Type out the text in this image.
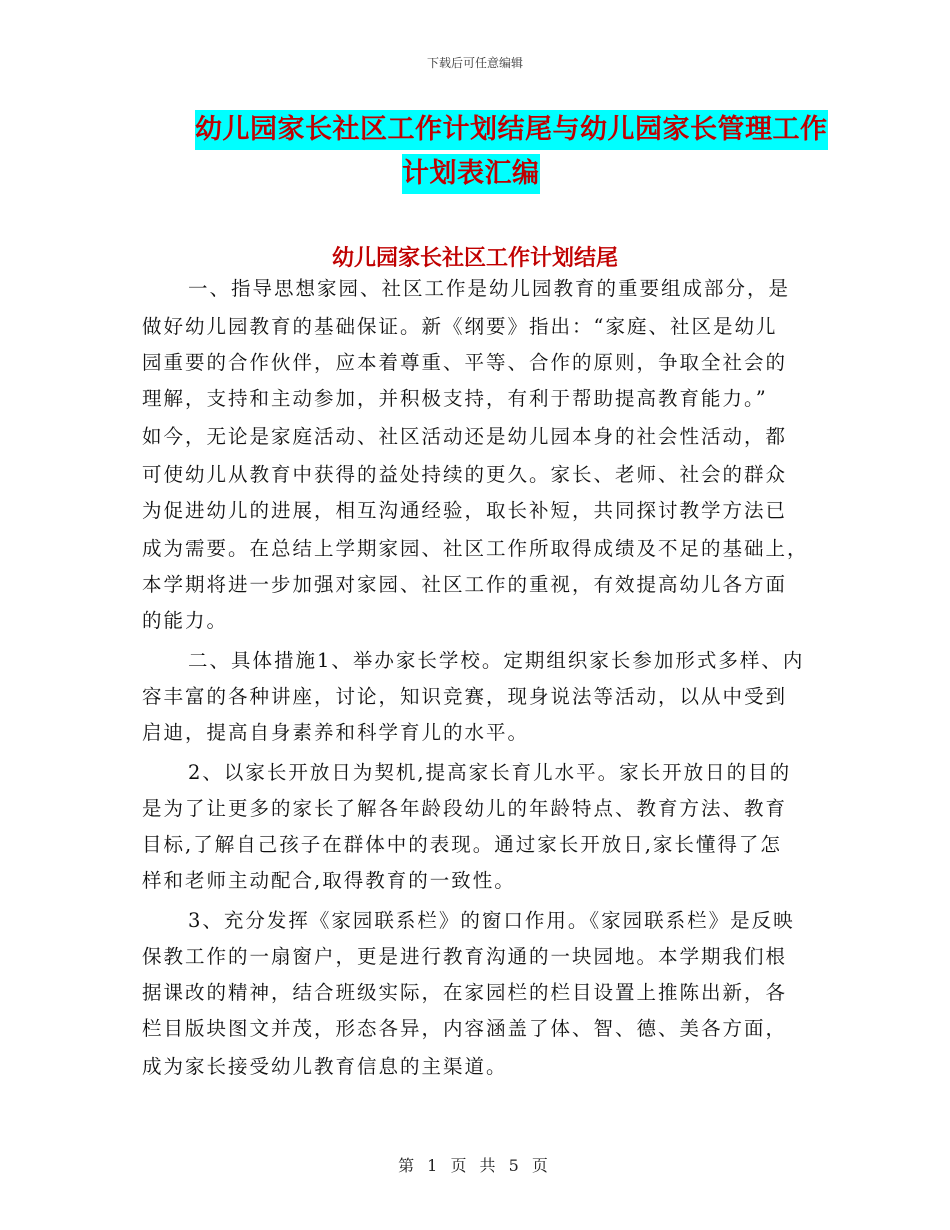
下载后可任意编辑
幼儿园家长社区工作计划结尾与幼儿园家长管理工作
计划表汇编
幼儿园家长社区工作计划结尾
一、指导思想家园、社区工作是幼儿园教育的重要组成部分，是
做好幼儿园教育的基础保证。新《纲要》指出：“家庭、社区是幼儿
园重要的合作伙伴，应本着尊重、平等、合作的原则，争取全社会的
理解，支持和主动参加，并积极支持，有利于帮助提高教育能力。”
如今，无论是家庭活动、社区活动还是幼儿园本身的社会性活动，都
可使幼儿从教育中获得的益处持续的更久。家长、老师、社会的群众
为促进幼儿的进展，相互沟通经验，取长补短，共同探讨教学方法已
成为需要。在总结上学期家园、社区工作所取得成绩及不足的基础上，
本学期将进一步加强对家园、社区工作的重视，有效提高幼儿各方面
的能力。
二、具体措施1、举办家长学校。定期组织家长参加形式多样、内
容丰富的各种讲座，讨论，知识竞赛，现身说法等活动，以从中受到
启迪，提高自身素养和科学育儿的水平。
2、以家长开放日为契机,提高家长育儿水平。家长开放日的目的
是为了让更多的家长了解各年龄段幼儿的年龄特点、教育方法、教育
目标,了解自己孩子在群体中的表现。通过家长开放日,家长懂得了怎
样和老师主动配合,取得教育的一致性。
3、充分发挥《家园联系栏》的窗口作用。《家园联系栏》是反映
保教工作的一扇窗户，更是进行教育沟通的一块园地。本学期我们根
据课改的精神，结合班级实际，在家园栏的栏目设置上推陈出新，各
栏目版块图文并茂，形态各异，内容涵盖了体、智、德、美各方面，
成为家长接受幼儿教育信息的主渠道。
第 1 页 共 5 页
